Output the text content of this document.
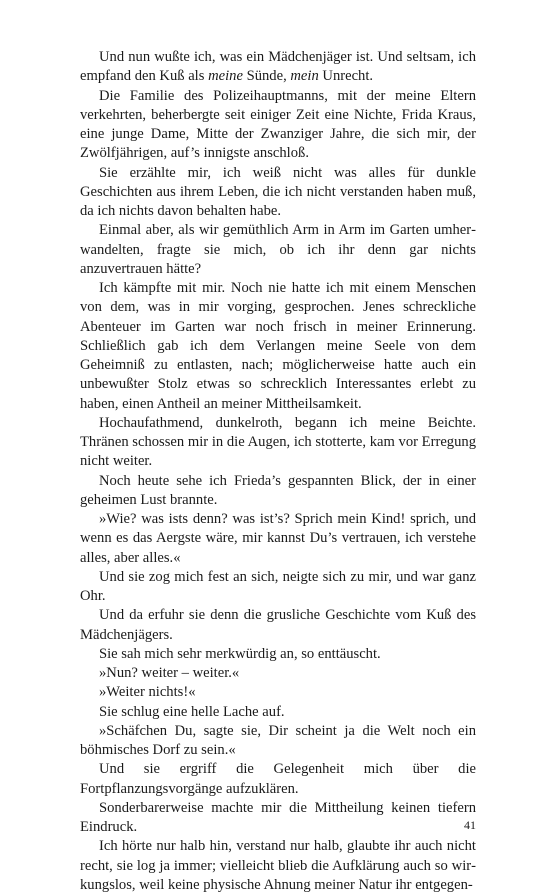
Und nun wußte ich, was ein Mädchenjäger ist. Und seltsam, ich empfand den Kuß als meine Sünde, mein Unrecht.

Die Familie des Polizeihauptmanns, mit der meine Eltern verkehrten, beherbergte seit einiger Zeit eine Nichte, Frida Kraus, eine junge Dame, Mitte der Zwanziger Jahre, die sich mir, der Zwölfjährigen, auf’s innigste anschloß.

Sie erzählte mir, ich weiß nicht was alles für dunkle Geschichten aus ihrem Leben, die ich nicht verstanden haben muß, da ich nichts davon behalten habe.

Einmal aber, als wir gemüthlich Arm in Arm im Garten umherwandelten, fragte sie mich, ob ich ihr denn gar nichts anzuvertrauen hätte?

Ich kämpfte mit mir. Noch nie hatte ich mit einem Menschen von dem, was in mir vorging, gesprochen. Jenes schreckliche Abenteuer im Garten war noch frisch in meiner Erinnerung. Schließlich gab ich dem Verlangen meine Seele von dem Geheimniß zu entlasten, nach; möglicherweise hatte auch ein unbewußter Stolz etwas so schrecklich Interessantes erlebt zu haben, einen Antheil an meiner Mittheilsamkeit.

Hochaufathmend, dunkelroth, begann ich meine Beichte. Thränen schossen mir in die Augen, ich stotterte, kam vor Erregung nicht weiter.

Noch heute sehe ich Frieda’s gespannten Blick, der in einer geheimen Lust brannte.

»Wie? was ists denn? was ist’s? Sprich mein Kind! sprich, und wenn es das Aergste wäre, mir kannst Du’s vertrauen, ich verstehe alles, aber alles.«

Und sie zog mich fest an sich, neigte sich zu mir, und war ganz Ohr.

Und da erfuhr sie denn die grusliche Geschichte vom Kuß des Mädchenjägers.

Sie sah mich sehr merkwürdig an, so enttäuscht.

»Nun? weiter – weiter.«

»Weiter nichts!«

Sie schlug eine helle Lache auf.

»Schäfchen Du, sagte sie, Dir scheint ja die Welt noch ein böhmisches Dorf zu sein.«

Und sie ergriff die Gelegenheit mich über die Fortpflanzungsvorgänge aufzuklären.

Sonderbarerweise machte mir die Mittheilung keinen tiefern Eindruck.

Ich hörte nur halb hin, verstand nur halb, glaubte ihr auch nicht recht, sie log ja immer; vielleicht blieb die Aufklärung auch so wirkungslos, weil keine physische Ahnung meiner Natur ihr entgegen-

41
